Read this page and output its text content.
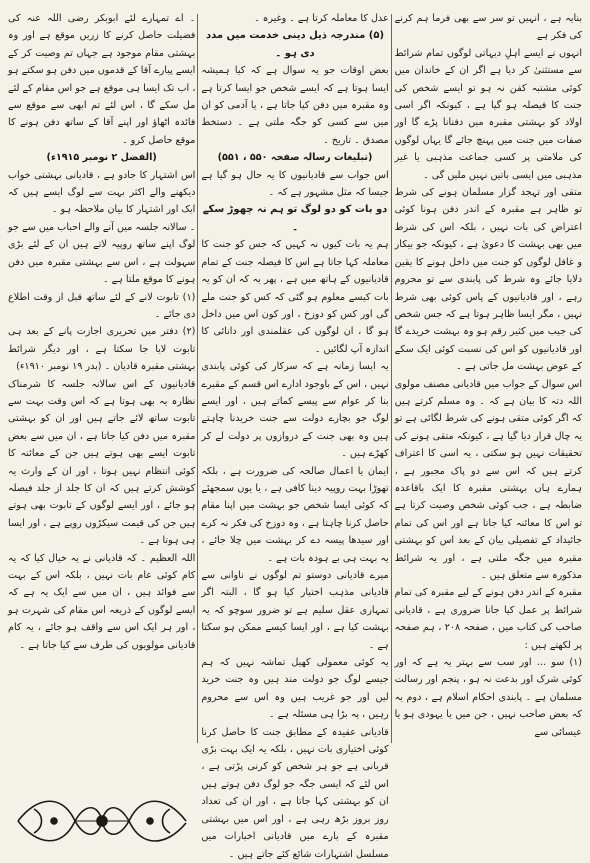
بنایہ ہے ، انہیں تو سر سے بھی فرما ہم کرنے کی فکر ہے

انہوں نے ایسے اہلِ دیہاتی لوگوں تمام شرائط سے مستثنیٰ کر دیا ہے اگر ان کے خاندان میں کوئی مشتبہ کفن نہ ہو تو ایسے شخص کی جنت کا فیصلہ ہو گیا ہے ، کیونکہ اگر اسی اولاد کو بہشتی مقبرہ میں دفنانا پڑے گا اور صفات میں جنت میں پہنچ جائے گا یہاں لوگوں کی ملامتی پر کسی جماعت مذہبی یا غیر مذہبی میں ایسی باتیں نہیں ملیں گی ۔

متقی اور تہجد گزار مسلمان ہونے کی شرط تو ظاہر ہے مقبرہ کے اندر دفن ہونا کوئی اعتراض کی بات نہیں ، بلکہ اس کی شرط میں بھی بہشت کا دعویٰ ہے ، کیونکہ جو بیکار و غافل لوگوں کو جنت میں داخل ہونے کا یقین دلایا جائے وہ شرط کی پابندی سے تو محروم رہے ، اور قادیانیوں کے پاس کوئی بھی شرط نہیں ، مگر ایسا ظاہر ہوتا ہے کہ جس شخص کی جیب میں کثیر رقم ہو وہ بہشت خریدے گا اور قادیانیوں کو اس کی نسبت کوئی ایک سکے کے عوض بہشت مل جاتی ہے ۔

اس سوال کے جواب میں قادیانی مصنف مولوی اللہ دتہ کا بیان ہے کہ ۔ وہ مسلم کرتے ہیں کہ اگر کوئی متقی ہونے کی شرط لگائی ہے تو یہ چال قرار دیا گیا ہے ، کیونکہ متقی ہونے کی تحقیقات نہیں ہو سکتی ، یہ اسی کا اعتراف کرتے ہیں کہ اس سے دو پاک مجبور ہے ، ہمارے ہاں بہشتی مقبرہ کا ایک باقاعدہ ضابطہ ہے ، جب کوئی شخص وصیت کرتا ہے تو اس کا معائنہ کیا جاتا ہے اور اس کی تمام جائیداد کے تفصیلی بیان کے بعد اس کو بہشتی مقبرہ میں جگہ ملتی ہے ، اور یہ شرائط مذکورہ سے متعلق ہیں ۔

مقبرہ کے اندر دفن ہونے کے لیے مقبرہ کی تمام شرائط پر عمل کیا جانا ضروری ہے ، قادیانی صاحب کی کتاب میں ، صفحہ ۲۰۸ ، ہم صفحہ پر لکھتے ہیں :

(۱) سو … اور سب سے بہتر یہ ہے کہ اور کوئی شرک اور بدعت نہ ہو ، پنجم اور رسالت مسلمان ہے ۔ پابندی احکام اسلام ہے ، دوم یہ کہ بعض صاحب نہیں ، جن میں یا یہودی ہو یا عیسائی سے

عدل کا معاملہ کرتا ہے ۔ وغیرہ ۔

(۵) مندرجہ ذیل دینی خدمت میں مدد دی ہو ۔

بعض اوقات جو یہ سوال ہے کہ کیا ہمیشہ ایسا ہوتا ہے کہ ایسے شخص جو ایسا کرتا ہے وہ مقبرہ میں دفن کیا جاتا ہے ، یا آدمی کو ان میں سے کسی کو جگہ ملتی ہے ۔ دستخط مصدق ۔ تاریخ ۔

(تبلیغات رسالہ صفحہ ۵۵۰ ، ۵۵۱)

اس جواب سے قادیانیوں کا یہ حال ہو گیا ہے جیسا کہ مثل مشہور ہے کہ ۔

دو بات کو دو لوگ تو ہم نہ چھوڑ سکے ۔

ہم یہ بات کیوں نہ کہیں کہ جس کو جنت کا معاملہ کہا جاتا ہے اس کا فیصلہ جنت کے تمام قادیانیوں کے ہاتھ میں ہے ، پھر یہ کہ ان کو یہ بات کیسے معلوم ہو گئی کہ کس کو جنت ملے گی اور کس کو دوزخ ، اور کون اس میں داخل ہو گا ، ان لوگوں کی عقلمندی اور دانائی کا اندازہ آپ لگائیں ۔

یہ ایسا زمانہ ہے کہ سرکار کی کوئی پابندی نہیں ، اس کے باوجود ادارے اس قسم کے مقبرے بنا کر عوام سے پیسے کماتے ہیں ، اور ایسے لوگ جو بچارے دولت سے جنت خریدنا چاہتے ہیں وہ بھی جنت کے دروازوں پر دولت لے کر کھڑے ہیں ۔

ایمان یا اعمال صالحہ کی ضرورت ہے ، بلکہ تھوڑا بہت روپیہ دینا کافی ہے ، یا یوں سمجھئے کہ کوئی ایسا شخص جو بہشت میں اپنا مقام حاصل کرنا چاہتا ہے ، وہ دوزخ کی فکر نہ کرے اور سیدھا پیسہ دے کر بہشت میں چلا جائے ، یہ بہت ہی بے ہودہ بات ہے ۔

میرے قادیانی دوستو تم لوگوں نے ناوانی سے قادیانی مذہب اختیار کیا ہو گا ، البتہ اگر تمہاری عقل سلیم ہے تو ضرور سوچو کہ یہ بہشت کیا ہے ، اور ایسا کیسے ممکن ہو سکتا ہے ۔

یہ کوئی معمولی کھیل تماشہ نہیں کہ ہم جیسے لوگ جو دولت مند ہیں وہ جنت خرید لیں اور جو غریب ہیں وہ اس سے محروم رہیں ، یہ بڑا ہی مسئلہ ہے ۔

قادیانی عقیدہ کے مطابق جنت کا حاصل کرنا کوئی اختیاری بات نہیں ، بلکہ یہ ایک بہت بڑی قربانی ہے جو ہر شخص کو کرنی پڑتی ہے ، اس لئے کہ ایسی جگہ جو لوگ دفن ہوتے ہیں ان کو بہشتی کہا جاتا ہے ، اور ان کی تعداد روز بروز بڑھ رہی ہے ، اور اس میں بہشتی مقبرہ کے بارے میں قادیانی اخبارات میں مسلسل اشتہارات شائع کئے جاتے ہیں ۔

۔ اے تمہارے لئے ابوبکر رضی اللہ عنہ کی فضیلت حاصل کرنے کا زریں موقع ہے اور وہ بہشتی مقام موجود ہے جہاں تم وصیت کر کے ایسے پیارے آقا کے قدموں میں دفن ہو سکتے ہو ، اب تک ایسا ہی موقع ہے جو اس مقام کے لئے مل سکے گا ، اس لئے تم ابھی سے موقع سے فائدہ اٹھاؤ اور اپنے آقا کے ساتھ دفن ہونے کا موقع حاصل کرو ۔

(الفضل ۲ نومبر ۱۹۱۵ء)

اس اشتہار کا جادو ہے ، قادیانی بہشتی خواب دیکھنے والے اکثر بہت سے لوگ ایسے ہیں کہ ایک اور اشتہار کا بیان ملاحظہ ہو ۔

۔ سالانہ جلسہ میں آنے والے احباب میں سے جو لوگ اپنے ساتھ روپیہ لاتے ہیں ان کے لئے بڑی سہولت ہے ، اس سے بہشتی مقبرہ میں دفن ہونے کا موقع ملتا ہے ۔

(۱) تابوت لانے کے لئے ساتھ قبل از وقت اطلاع دی جائے ۔

(۲) دفتر میں تحریری اجازت پانے کے بعد ہی تابوت لایا جا سکتا ہے ، اور دیگر شرائط بہشتی مقبرہ قادیان ۔ (بدر ۱۹ نومبر ۱۹۱۰ء)

قادیانیوں کے اس سالانہ جلسہ کا شرمناک نظارہ یہ بھی ہوتا ہے کہ اس وقت بہت سے تابوت ساتھ لائے جاتے ہیں اور ان کو بہشتی مقبرہ میں دفن کیا جاتا ہے ، ان میں سے بعض تابوت ایسے بھی ہوتے ہیں جن کے معائنہ کا کوئی انتظام نہیں ہوتا ، اور ان کے وارث یہ کوشش کرتے ہیں کہ ان کا جلد از جلد فیصلہ ہو جائے ، اور ایسے لوگوں کے تابوت بھی ہوتے ہیں جن کی قیمت سیکڑوں روپے ہے ، اور ایسا ہی ہوتا ہے ۔

اللہ العظیم ۔ کہ قادیانی نے یہ خیال کیا کہ یہ کام کوئی عام بات نہیں ، بلکہ اس کے بہت سے فوائد ہیں ، ان میں سے ایک یہ ہے کہ ایسے لوگوں کے ذریعہ اس مقام کی شہرت ہو ، اور ہر ایک اس سے واقف ہو جائے ، یہ کام قادیانی مولویوں کی طرف سے کیا جاتا ہے ۔
